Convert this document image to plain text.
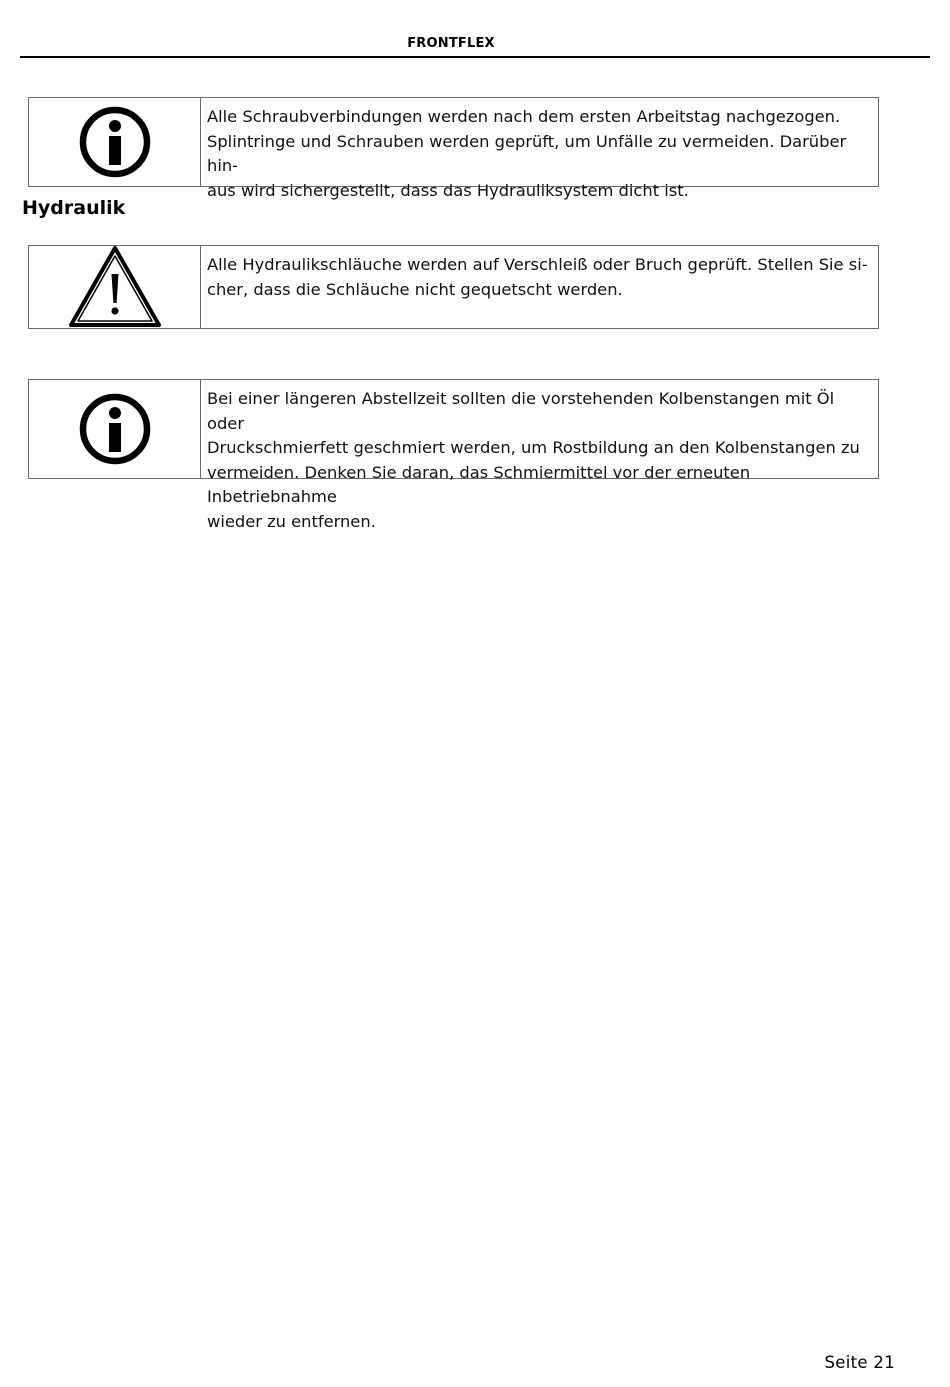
FRONTFLEX

Alle Schraubverbindungen werden nach dem ersten Arbeitstag nachgezogen.

Splintringe und Schrauben werden geprüft, um Unfälle zu vermeiden. Darüber hin-

aus wird sichergestellt, dass das Hydrauliksystem dicht ist.

Hydraulik

Alle Hydraulikschläuche werden auf Verschleiß oder Bruch geprüft. Stellen Sie si-

cher, dass die Schläuche nicht gequetscht werden.

Bei einer längeren Abstellzeit sollten die vorstehenden Kolbenstangen mit Öl oder

Druckschmierfett geschmiert werden, um Rostbildung an den Kolbenstangen zu

vermeiden. Denken Sie daran, das Schmiermittel vor der erneuten Inbetriebnahme

wieder zu entfernen.

Seite 21
